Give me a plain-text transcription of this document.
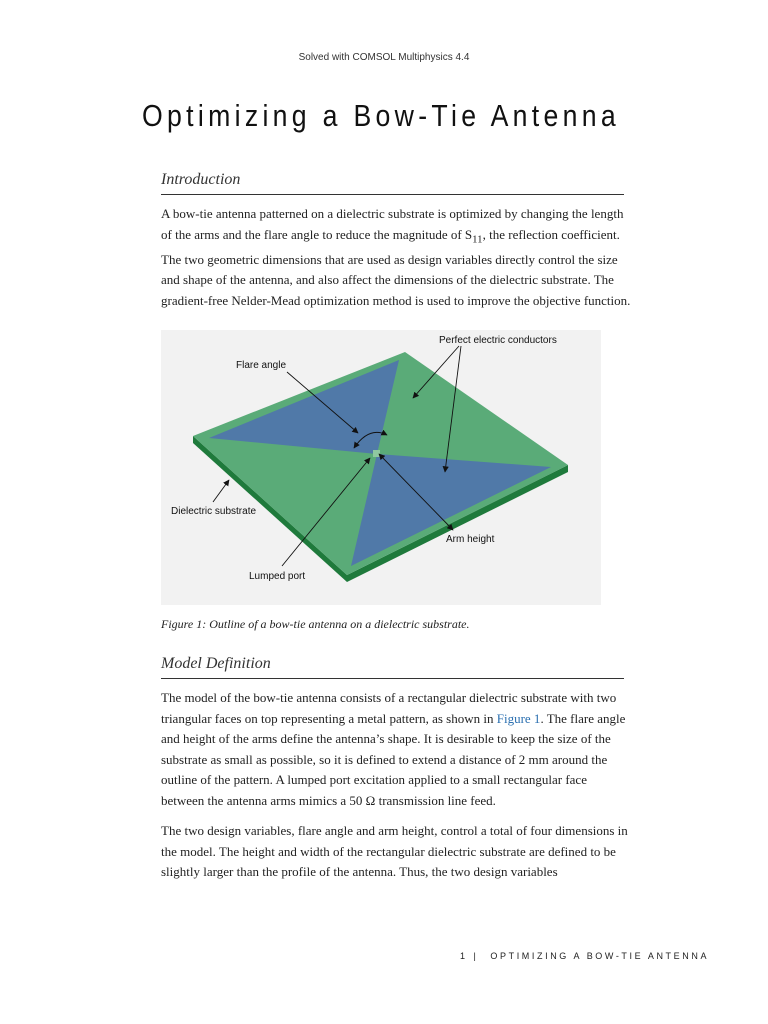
Solved with COMSOL Multiphysics 4.4
Optimizing a Bow-Tie Antenna
Introduction

A bow-tie antenna patterned on a dielectric substrate is optimized by changing the length of the arms and the flare angle to reduce the magnitude of $S_{11}$, the reflection coefficient. The two geometric dimensions that are used as design variables directly control the size and shape of the antenna, and also affect the dimensions of the dielectric substrate. The gradient-free Nelder-Mead optimization method is used to improve the objective function.

Perfect electric conductors
Flare angle
Dielectric substrate
Arm height
Lumped port
Figure 1: Outline of a bow-tie antenna on a dielectric substrate.
Model Definition

The model of the bow-tie antenna consists of a rectangular dielectric substrate with two triangular faces on top representing a metal pattern, as shown in Figure 1. The flare angle and height of the arms define the antenna’s shape. It is desirable to keep the size of the substrate as small as possible, so it is defined to extend a distance of 2 mm around the outline of the pattern. A lumped port excitation applied to a small rectangular face between the antenna arms mimics a 50 Ω transmission line feed.

The two design variables, flare angle and arm height, control a total of four dimensions in the model. The height and width of the rectangular dielectric substrate are defined to be slightly larger than the profile of the antenna. Thus, the two design variables

1 | OPTIMIZING A BOW-TIE ANTENNA
